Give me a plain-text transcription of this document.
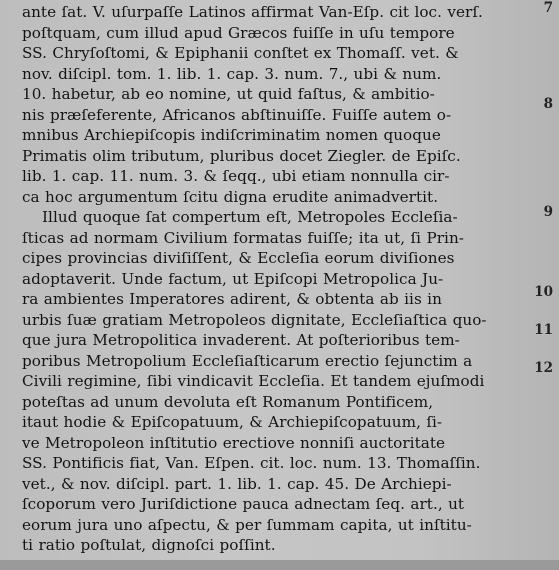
ante ſat. V. uſurpaſſe Latinos affirmat Van-Eſp. cit loc. verſ.
poſtquam, cum illud apud Græcos fuiſſe in uſu tempore
SS. Chryſoſtomi, & Epiphanii conſtet ex Thomaſſ. vet. &
nov. diſcipl. tom. 1. lib. 1. cap. 3. num. 7., ubi & num.
10. habetur, ab eo nomine, ut quid faſtus, & ambitio-
nis præſeferente, Africanos abſtinuiſſe. Fuiſſe autem o-
mnibus Archiepiſcopis indiſcriminatim nomen quoque
Primatis olim tributum, pluribus docet Ziegler. de Epiſc.
lib. 1. cap. 11. num. 3. & ſeqq., ubi etiam nonnulla cir-
ca hoc argumentum ſcitu digna erudite animadvertit.
Illud quoque ſat compertum eſt, Metropoles Eccleſia-
ſticas ad normam Civilium formatas fuiſſe; ita ut, ſi Prin-
cipes provincias diviſiſſent, & Eccleſia eorum diviſiones
adoptaverit. Unde factum, ut Epiſcopi Metropolica Ju-
ra ambientes Imperatores adirent, & obtenta ab iis in
urbis ſuæ gratiam Metropoleos dignitate, Eccleſiaſtica quo-
que jura Metropolitica invaderent. At poſterioribus tem-
poribus Metropolium Eccleſiaſticarum erectio ſejunctim a
Civili regimine, ſibi vindicavit Eccleſia. Et tandem ejuſmodi
poteſtas ad unum devoluta eſt Romanum Pontificem,
itaut hodie & Epiſcopatuum, & Archiepiſcopatuum, ſi-
ve Metropoleon inſtitutio erectiove nonniſi auctoritate
SS. Pontificis fiat, Van. Eſpen. cit. loc. num. 13. Thomaſſin.
vet., & nov. diſcipl. part. 1. lib. 1. cap. 45. De Archiepi-
ſcoporum vero Juriſdictione pauca adnectam ſeq. art., ut
eorum jura uno aſpectu, & per ſummam capita, ut inſtitu-
ti ratio poſtulat, dignoſci poſſint.
7
8
9
10
11
12
